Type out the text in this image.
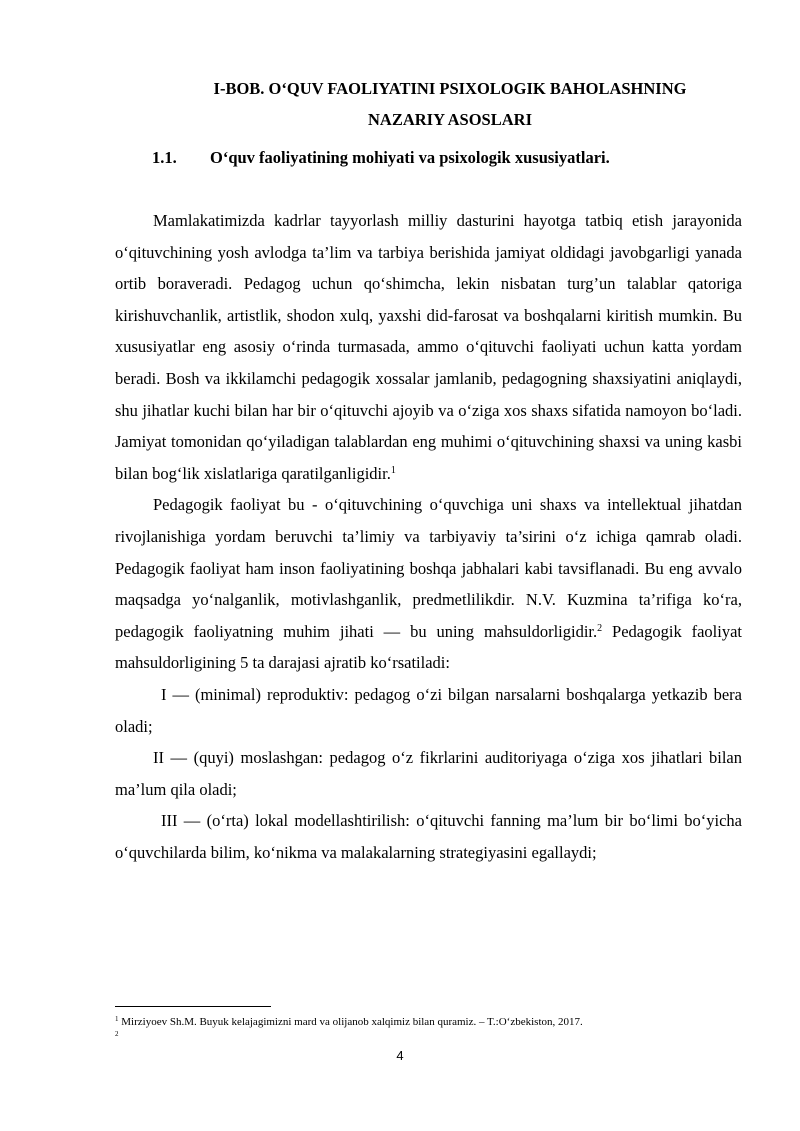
I-BOB. O‘QUV FAOLIYATINI PSIXOLOGIK BAHOLASHNING
NAZARIY ASOSLARI
1.1. O‘quv faoliyatining mohiyati va psixologik xususiyatlari.

Mamlakatimizda kadrlar tayyorlash milliy dasturini hayotga tatbiq etish jarayonida o‘qituvchining yosh avlodga ta’lim va tarbiya berishida jamiyat oldidagi javobgarligi yanada ortib boraveradi. Pedagog uchun qo‘shimcha, lekin nisbatan turg’un talablar qatoriga kirishuvchanlik, artistlik, shodon xulq, yaxshi did-farosat va boshqalarni kiritish mumkin. Bu xususiyatlar eng asosiy o‘rinda turmasada, ammo o‘qituvchi faoliyati uchun katta yordam beradi. Bosh va ikkilamchi pedagogik xossalar jamlanib, pedagogning shaxsiyatini aniqlaydi, shu jihatlar kuchi bilan har bir o‘qituvchi ajoyib va o‘ziga xos shaxs sifatida namoyon bo‘ladi. Jamiyat tomonidan qo‘yiladigan talablardan eng muhimi o‘qituvchining shaxsi va uning kasbi bilan bog‘lik xislatlariga qaratilganligidir.$^1$

Pedagogik faoliyat bu - o‘qituvchining o‘quvchiga uni shaxs va intellektual jihatdan rivojlanishiga yordam beruvchi ta’limiy va tarbiyaviy ta’sirini o‘z ichiga qamrab oladi. Pedagogik faoliyat ham inson faoliyatining boshqa jabhalari kabi tavsiflanadi. Bu eng avvalo maqsadga yo‘nalganlik, motivlashganlik, predmetlilikdir. N.V. Kuzmina ta’rifiga ko‘ra, pedagogik faoliyatning muhim jihati — bu uning mahsuldorligidir.$^2$ Pedagogik faoliyat mahsuldorligining 5 ta darajasi ajratib ko‘rsatiladi:

I — (minimal) reproduktiv: pedagog o‘zi bilgan narsalarni boshqalarga yetkazib bera oladi;

II — (quyi) moslashgan: pedagog o‘z fikrlarini auditoriyaga o‘ziga xos jihatlari bilan ma’lum qila oladi;

III — (o‘rta) lokal modellashtirilish: o‘qituvchi fanning ma’lum bir bo‘limi bo‘yicha o‘quvchilarda bilim, ko‘nikma va malakalarning strategiyasini egallaydi;

$^1$ Mirziyoev Sh.M. Buyuk kelajagimizni mard va olijanob xalqimiz bilan quramiz. – T.:O‘zbekiston, 2017.
$^2$
4
